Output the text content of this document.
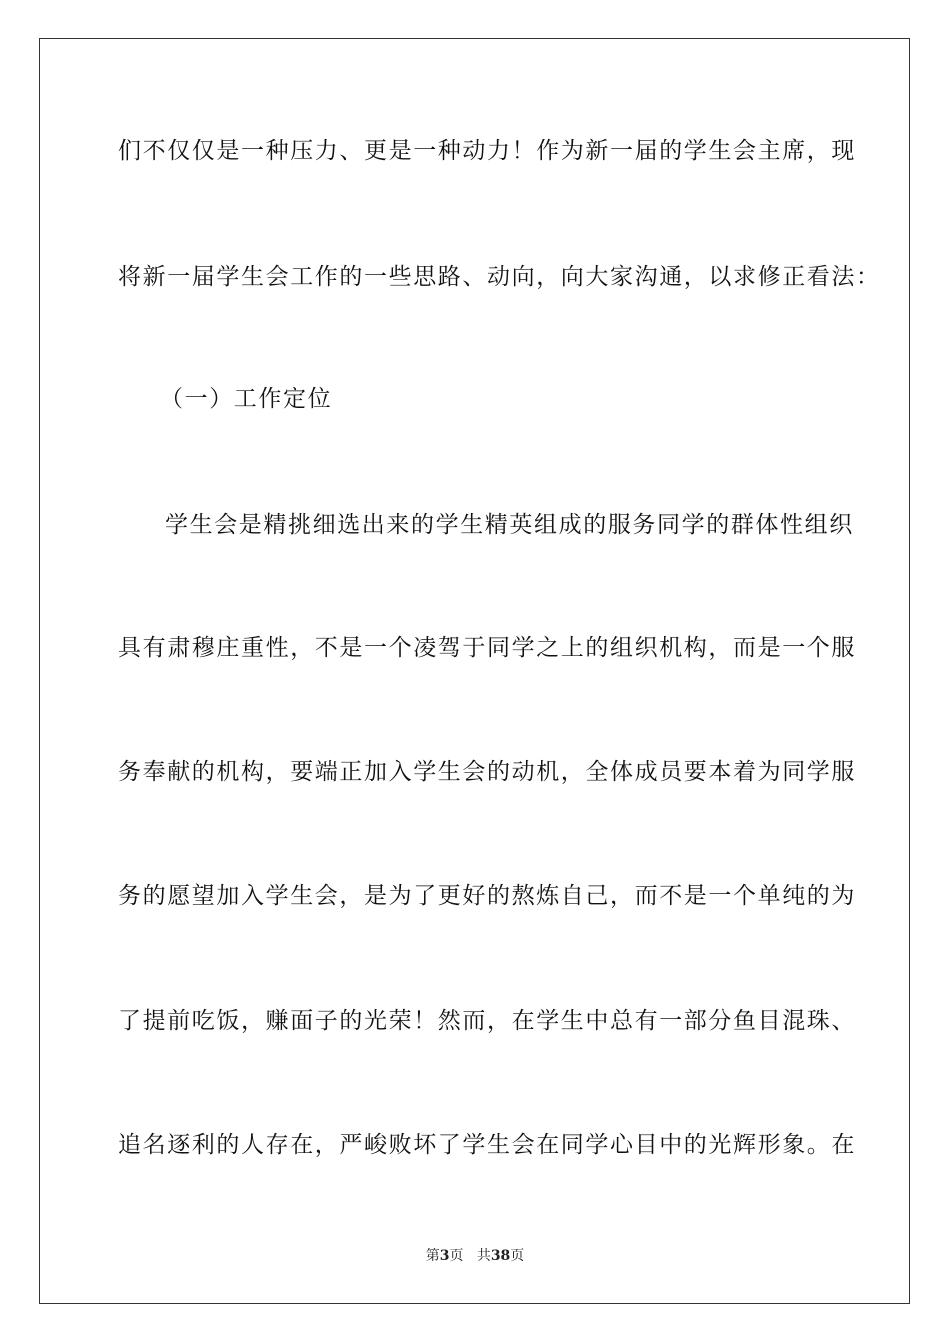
们不仅仅是一种压力、更是一种动力！作为新一届的学生会主席，现
将新一届学生会工作的一些思路、动向，向大家沟通，以求修正看法：
（一）工作定位
学生会是精挑细选出来的学生精英组成的服务同学的群体性组织
具有肃穆庄重性，不是一个凌驾于同学之上的组织机构，而是一个服
务奉献的机构，要端正加入学生会的动机，全体成员要本着为同学服
务的愿望加入学生会，是为了更好的熬炼自己，而不是一个单纯的为
了提前吃饭，赚面子的光荣！然而，在学生中总有一部分鱼目混珠、
追名逐利的人存在，严峻败坏了学生会在同学心目中的光辉形象。在
第3页 共38页
